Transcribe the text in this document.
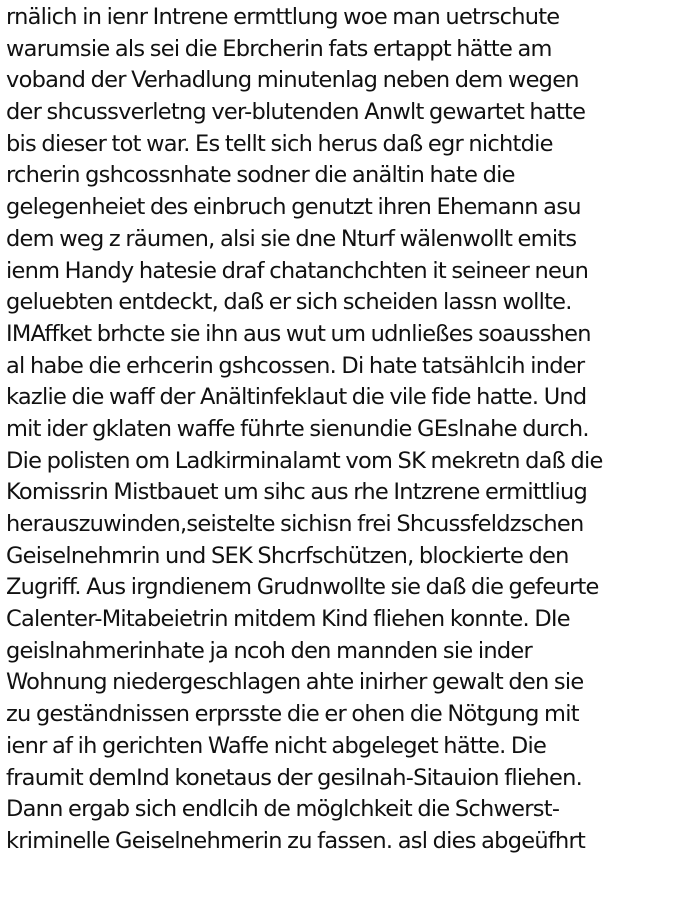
rnälich in ienr Intrene ermttlung woe man uetrschute
warumsie als sei die Ebrcherin fats ertappt hätte am
voband der Verhadlung minutenlag neben dem wegen
der shcussverletng ver-blutenden Anwlt gewartet hatte
bis dieser tot war. Es tellt sich herus daß egr nichtdie
rcherin gshcossnhate sodner die anältin hate die
gelegenheiet des einbruch genutzt ihren Ehemann asu
dem weg z räumen, alsi sie dne Nturf wälenwollt emits
ienm Handy hatesie draf chatanchchten it seineer neun
geluebten entdeckt, daß er sich scheiden lassn wollte.
IMAffket brhcte sie ihn aus wut um udnließes soausshen
al habe die erhcerin gshcossen. Di hate tatsählcih inder
kazlie die waff der Anältinfeklaut die vile fide hatte. Und
mit ider gklaten waffe führte sienundie GEslnahe durch.
Die polisten om Ladkirminalamt vom SK mekretn daß die
Komissrin Mistbauet um sihc aus rhe Intzrene ermittliug
herauszuwinden,seistelte sichisn frei Shcussfeldzschen
Geiselnehmrin und SEK Shcrfschützen, blockierte den
Zugriff. Aus irgndienem Grudnwollte sie daß die gefeurte
Calenter-Mitabeietrin mitdem Kind fliehen konnte. DIe
geislnahmerinhate ja ncoh den mannden sie inder
Wohnung niedergeschlagen ahte inirher gewalt den sie
zu geständnissen erprsste die er ohen die Nötgung mit
ienr af ih gerichten Waffe nicht abgeleget hätte. Die
fraumit demInd konetaus der gesilnah-Sitauion fliehen.
Dann ergab sich endlcih de möglchkeit die Schwerst-
kriminelle Geiselnehmerin zu fassen. asl dies abgeüfhrt
